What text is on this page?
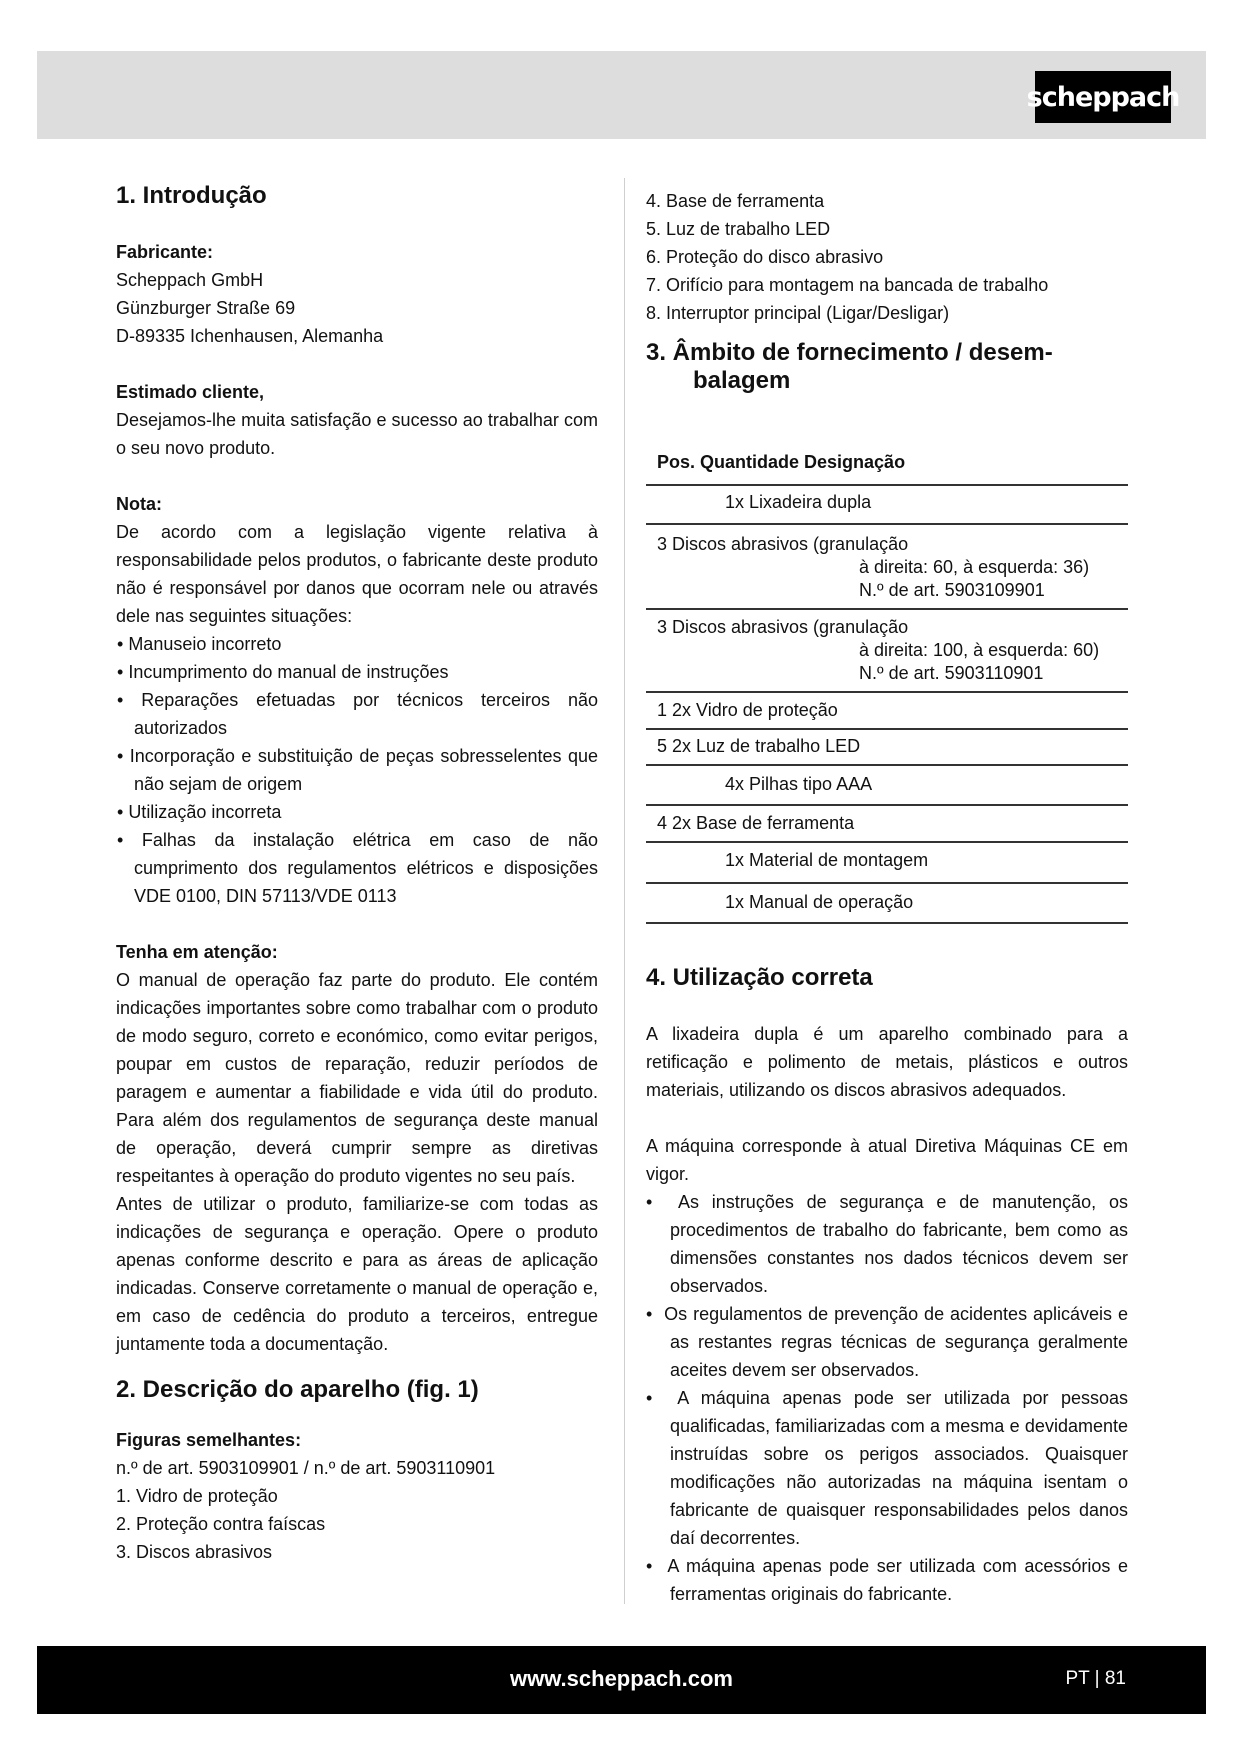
scheppach
1. Introdução

Fabricante:

Scheppach GmbH

Günzburger Straße 69

D-89335 Ichenhausen, Alemanha

Estimado cliente,

Desejamos-lhe muita satisfação e sucesso ao trabalhar com o seu novo produto.

Nota:

De acordo com a legislação vigente relativa à responsabilidade pelos produtos, o fabricante deste produto não é responsável por danos que ocorram nele ou através dele nas seguintes situações:

• Manuseio incorreto

• Incumprimento do manual de instruções

• Reparações efetuadas por técnicos terceiros não autorizados

• Incorporação e substituição de peças sobresselentes que não sejam de origem

• Utilização incorreta

• Falhas da instalação elétrica em caso de não cumprimento dos regulamentos elétricos e disposições VDE 0100, DIN 57113/VDE 0113

Tenha em atenção:

O manual de operação faz parte do produto. Ele contém indicações importantes sobre como trabalhar com o produto de modo seguro, correto e económico, como evitar perigos, poupar em custos de reparação, reduzir períodos de paragem e aumentar a fiabilidade e vida útil do produto. Para além dos regulamentos de segurança deste manual de operação, deverá cumprir sempre as diretivas respeitantes à operação do produto vigentes no seu país.

Antes de utilizar o produto, familiarize-se com todas as indicações de segurança e operação. Opere o produto apenas conforme descrito e para as áreas de aplicação indicadas. Conserve corretamente o manual de operação e, em caso de cedência do produto a terceiros, entregue juntamente toda a documentação.

2. Descrição do aparelho (fig. 1)

Figuras semelhantes:

n.º de art. 5903109901 / n.º de art. 5903110901

1. Vidro de proteção

2. Proteção contra faíscas

3. Discos abrasivos

4. Base de ferramenta

5. Luz de trabalho LED

6. Proteção do disco abrasivo

7. Orifício para montagem na bancada de trabalho

8. Interruptor principal (Ligar/Desligar)

3. Âmbito de fornecimento / desem-
balagem
Pos. Quantidade Designação
1x Lixadeira dupla
3 Discos abrasivos (granulação
à direita: 60, à esquerda: 36)
N.º de art. 5903109901
3 Discos abrasivos (granulação
à direita: 100, à esquerda: 60)
N.º de art. 5903110901
1 2x Vidro de proteção
5 2x Luz de trabalho LED
4x Pilhas tipo AAA
4 2x Base de ferramenta
1x Material de montagem
1x Manual de operação
4. Utilização correta

A lixadeira dupla é um aparelho combinado para a retificação e polimento de metais, plásticos e outros materiais, utilizando os discos abrasivos adequados.

A máquina corresponde à atual Diretiva Máquinas CE em vigor.

•  As instruções de segurança e de manutenção, os procedimentos de trabalho do fabricante, bem como as dimensões constantes nos dados técnicos devem ser observados.

•  Os regulamentos de prevenção de acidentes aplicáveis e as restantes regras técnicas de segurança geralmente aceites devem ser observados.

•  A máquina apenas pode ser utilizada por pessoas qualificadas, familiarizadas com a mesma e devidamente instruídas sobre os perigos associados. Quaisquer modificações não autorizadas na máquina isentam o fabricante de quaisquer responsabilidades pelos danos daí decorrentes.

•  A máquina apenas pode ser utilizada com acessórios e ferramentas originais do fabricante.

www.scheppach.com	PT | 81
